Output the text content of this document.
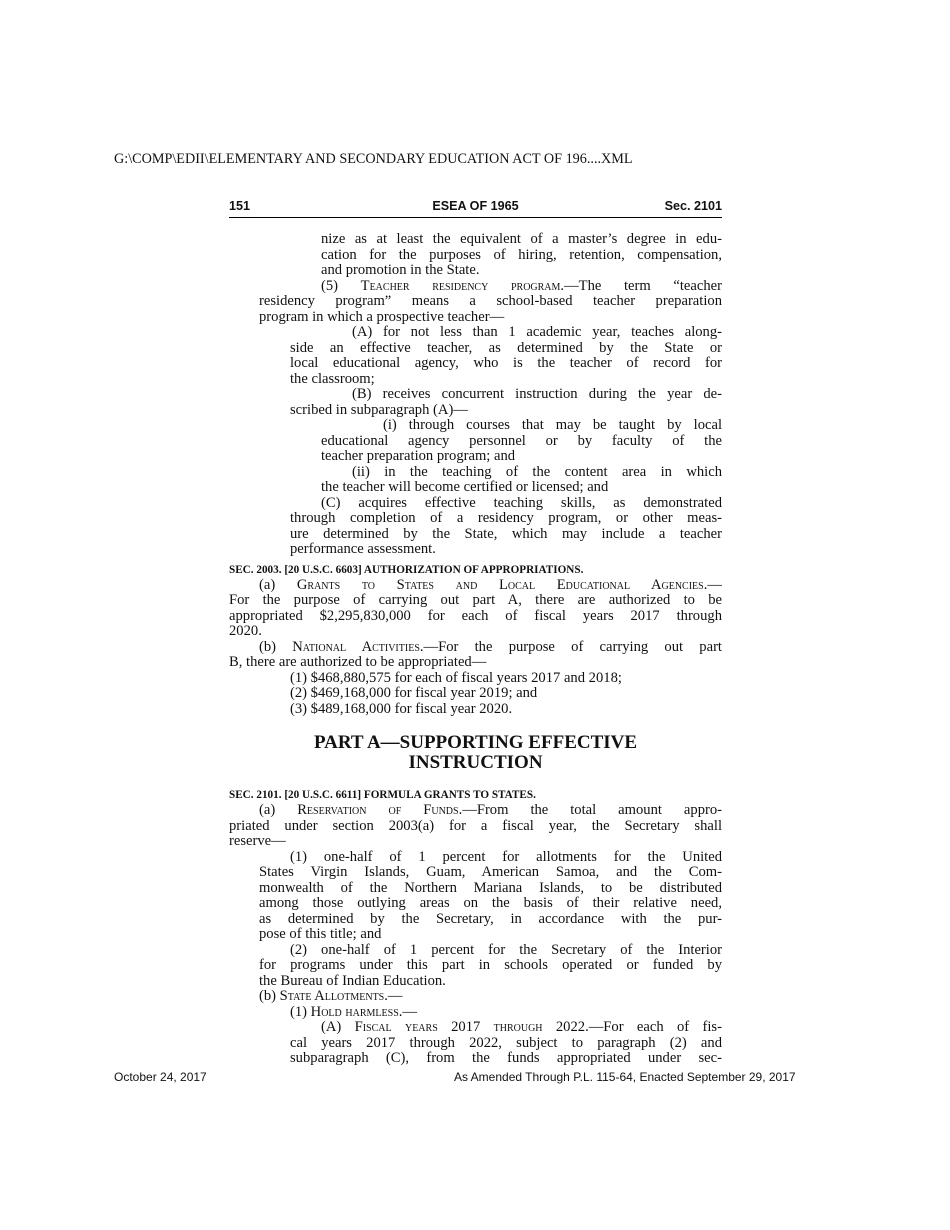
G:\COMP\EDII\ELEMENTARY AND SECONDARY EDUCATION ACT OF 196....XML
151	ESEA OF 1965	Sec. 2101
nize as at least the equivalent of a master’s degree in edu-
cation for the purposes of hiring, retention, compensation,
and promotion in the State.
(5) Teacher residency program.—The term “teacher
residency program” means a school-based teacher preparation
program in which a prospective teacher—
(A) for not less than 1 academic year, teaches along-
side an effective teacher, as determined by the State or
local educational agency, who is the teacher of record for
the classroom;
(B) receives concurrent instruction during the year de-
scribed in subparagraph (A)—
(i) through courses that may be taught by local
educational agency personnel or by faculty of the
teacher preparation program; and
(ii) in the teaching of the content area in which
the teacher will become certified or licensed; and
(C) acquires effective teaching skills, as demonstrated
through completion of a residency program, or other meas-
ure determined by the State, which may include a teacher
performance assessment.
SEC. 2003. [20 U.S.C. 6603] AUTHORIZATION OF APPROPRIATIONS.
(a) Grants to States and Local Educational Agencies.—
For the purpose of carrying out part A, there are authorized to be
appropriated $2,295,830,000 for each of fiscal years 2017 through
2020.
(b) National Activities.—For the purpose of carrying out part
B, there are authorized to be appropriated—
(1) $468,880,575 for each of fiscal years 2017 and 2018;
(2) $469,168,000 for fiscal year 2019; and
(3) $489,168,000 for fiscal year 2020.
PART A—SUPPORTING EFFECTIVE
INSTRUCTION
SEC. 2101. [20 U.S.C. 6611] FORMULA GRANTS TO STATES.
(a) Reservation of Funds.—From the total amount appro-
priated under section 2003(a) for a fiscal year, the Secretary shall
reserve—
(1) one-half of 1 percent for allotments for the United
States Virgin Islands, Guam, American Samoa, and the Com-
monwealth of the Northern Mariana Islands, to be distributed
among those outlying areas on the basis of their relative need,
as determined by the Secretary, in accordance with the pur-
pose of this title; and
(2) one-half of 1 percent for the Secretary of the Interior
for programs under this part in schools operated or funded by
the Bureau of Indian Education.
(b) State Allotments.—
(1) Hold harmless.—
(A) Fiscal years 2017 through 2022.—For each of fis-
cal years 2017 through 2022, subject to paragraph (2) and
subparagraph (C), from the funds appropriated under sec-
October 24, 2017	As Amended Through P.L. 115-64, Enacted September 29, 2017
